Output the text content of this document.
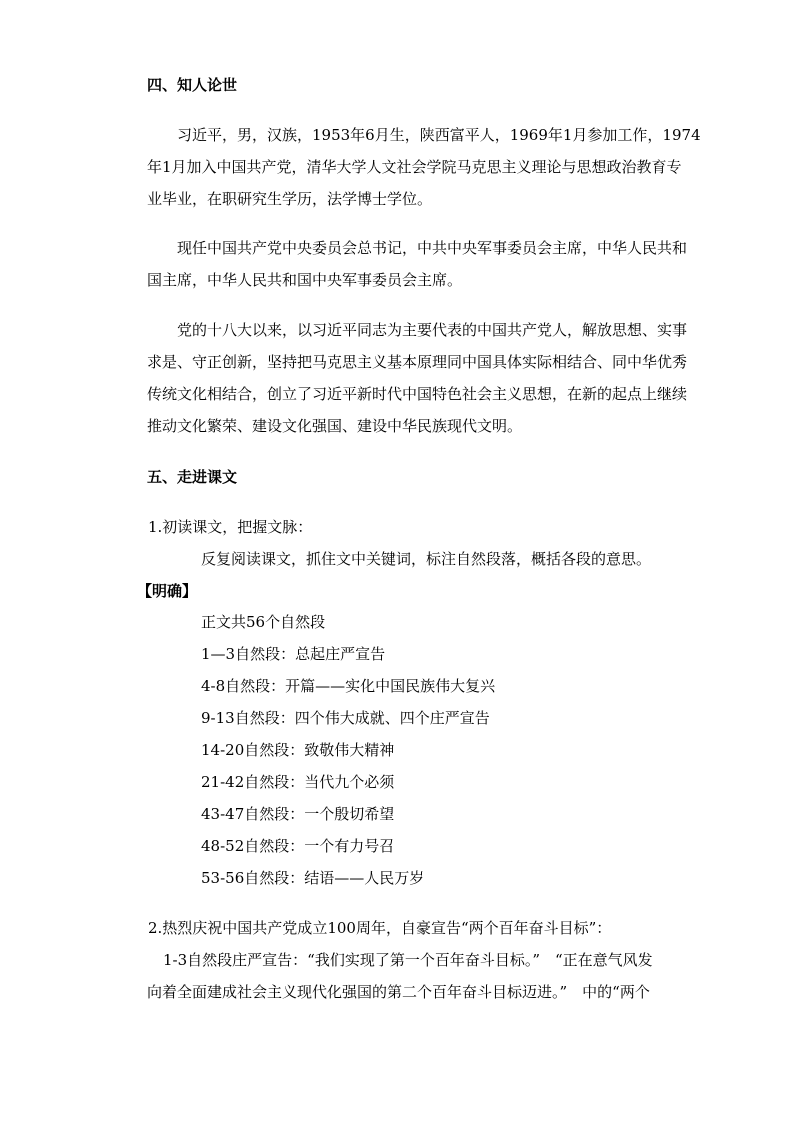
四、知人论世
习近平，男，汉族，1953年6月生，陕西富平人，1969年1月参加工作，1974
年1月加入中国共产党，清华大学人文社会学院马克思主义理论与思想政治教育专
业毕业，在职研究生学历，法学博士学位。
现任中国共产党中央委员会总书记，中共中央军事委员会主席，中华人民共和
国主席，中华人民共和国中央军事委员会主席。
党的十八大以来，以习近平同志为主要代表的中国共产党人，解放思想、实事
求是、守正创新，坚持把马克思主义基本原理同中国具体实际相结合、同中华优秀
传统文化相结合，创立了习近平新时代中国特色社会主义思想，在新的起点上继续
推动文化繁荣、建设文化强国、建设中华民族现代文明。
五、走进课文
1.初读课文，把握文脉：
反复阅读课文，抓住文中关键词，标注自然段落，概括各段的意思。
【明确】
正文共56个自然段
1—3自然段：总起庄严宣告
4-8自然段：开篇——实化中国民族伟大复兴
9-13自然段：四个伟大成就、四个庄严宣告
14-20自然段：致敬伟大精神
21-42自然段：当代九个必须
43-47自然段：一个殷切希望
48-52自然段：一个有力号召
53-56自然段：结语——人民万岁
2.热烈庆祝中国共产党成立100周年，自豪宣告“两个百年奋斗目标”：
1-3自然段庄严宣告：“我们实现了第一个百年奋斗目标。”　“正在意气风发
向着全面建成社会主义现代化强国的第二个百年奋斗目标迈进。”　中的“两个
